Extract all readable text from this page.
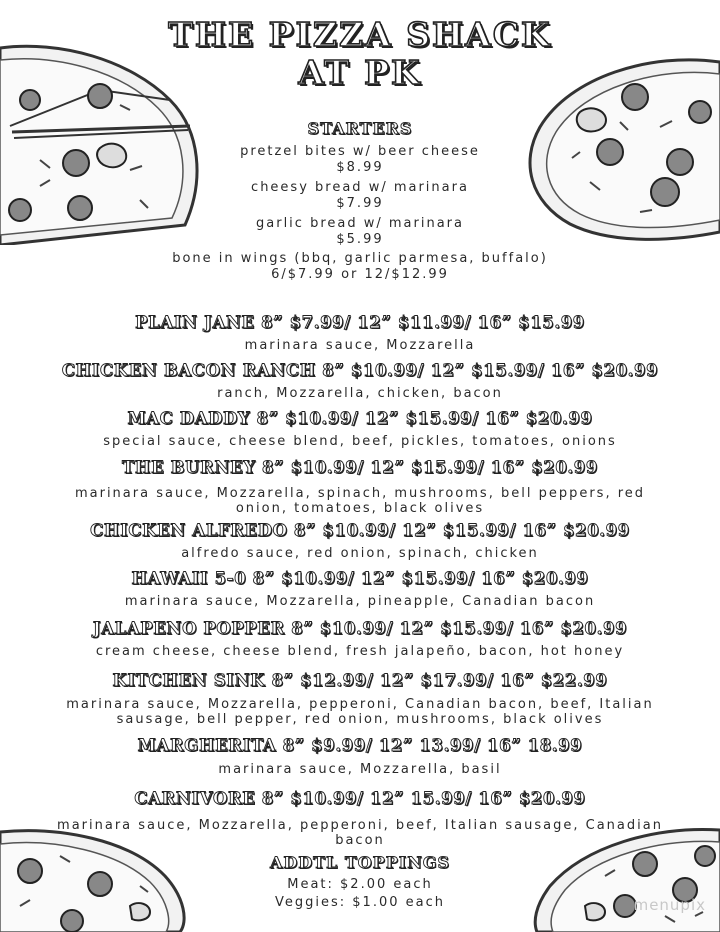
THE PIZZA SHACK
AT PK
STARTERS
pretzel bites w/ beer cheese
$8.99
cheesy bread w/ marinara
$7.99
garlic bread w/ marinara
$5.99
bone in wings (bbq, garlic parmesa, buffalo)
6/$7.99 or 12/$12.99
PLAIN JANE 8” $7.99/ 12” $11.99/ 16” $15.99
marinara sauce, Mozzarella
CHICKEN BACON RANCH 8” $10.99/ 12” $15.99/ 16” $20.99
ranch, Mozzarella, chicken, bacon
MAC DADDY 8” $10.99/ 12” $15.99/ 16” $20.99
special sauce, cheese blend, beef, pickles, tomatoes, onions
THE BURNEY 8” $10.99/ 12” $15.99/ 16” $20.99
marinara sauce, Mozzarella, spinach, mushrooms, bell peppers, red
onion, tomatoes, black olives
CHICKEN ALFREDO 8” $10.99/ 12” $15.99/ 16” $20.99
alfredo sauce, red onion, spinach, chicken
HAWAII 5-0 8” $10.99/ 12” $15.99/ 16” $20.99
marinara sauce, Mozzarella, pineapple, Canadian bacon
JALAPENO POPPER 8” $10.99/ 12” $15.99/ 16” $20.99
cream cheese, cheese blend, fresh jalapeño, bacon, hot honey
KITCHEN SINK 8” $12.99/ 12” $17.99/ 16” $22.99
marinara sauce, Mozzarella, pepperoni, Canadian bacon, beef, Italian
sausage, bell pepper, red onion, mushrooms, black olives
MARGHERITA 8” $9.99/ 12” 13.99/ 16” 18.99
marinara sauce, Mozzarella, basil
CARNIVORE 8” $10.99/ 12” 15.99/ 16” $20.99
marinara sauce, Mozzarella, pepperoni, beef, Italian sausage, Canadian
bacon
ADDTL TOPPINGS
Meat: $2.00 each
Veggies: $1.00 each	menupix
